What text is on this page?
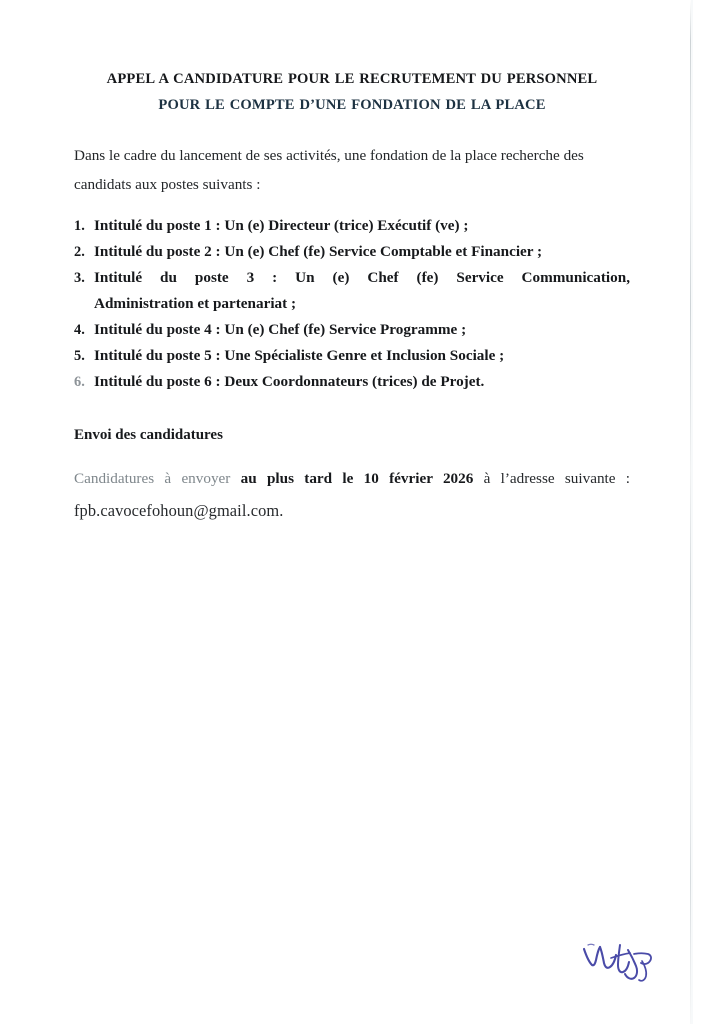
APPEL A CANDIDATURE POUR LE RECRUTEMENT DU PERSONNEL
POUR LE COMPTE D’UNE FONDATION DE LA PLACE

Dans le cadre du lancement de ses activités, une fondation de la place recherche des candidats aux postes suivants :

1. Intitulé du poste 1 : Un (e) Directeur (trice) Exécutif (ve) ;
2. Intitulé du poste 2 : Un (e) Chef (fe) Service Comptable et Financier ;
3. Intitulé du poste 3 : Un (e) Chef (fe) Service Communication,
Administration et partenariat ;
4. Intitulé du poste 4 : Un (e) Chef (fe) Service Programme ;
5. Intitulé du poste 5 : Une Spécialiste Genre et Inclusion Sociale ;
6. Intitulé du poste 6 : Deux Coordonnateurs (trices) de Projet.
Envoi des candidatures

Candidatures à envoyer au plus tard le 10 février 2026 à l’adresse suivante :

fpb.cavocefohoun@gmail.com.
